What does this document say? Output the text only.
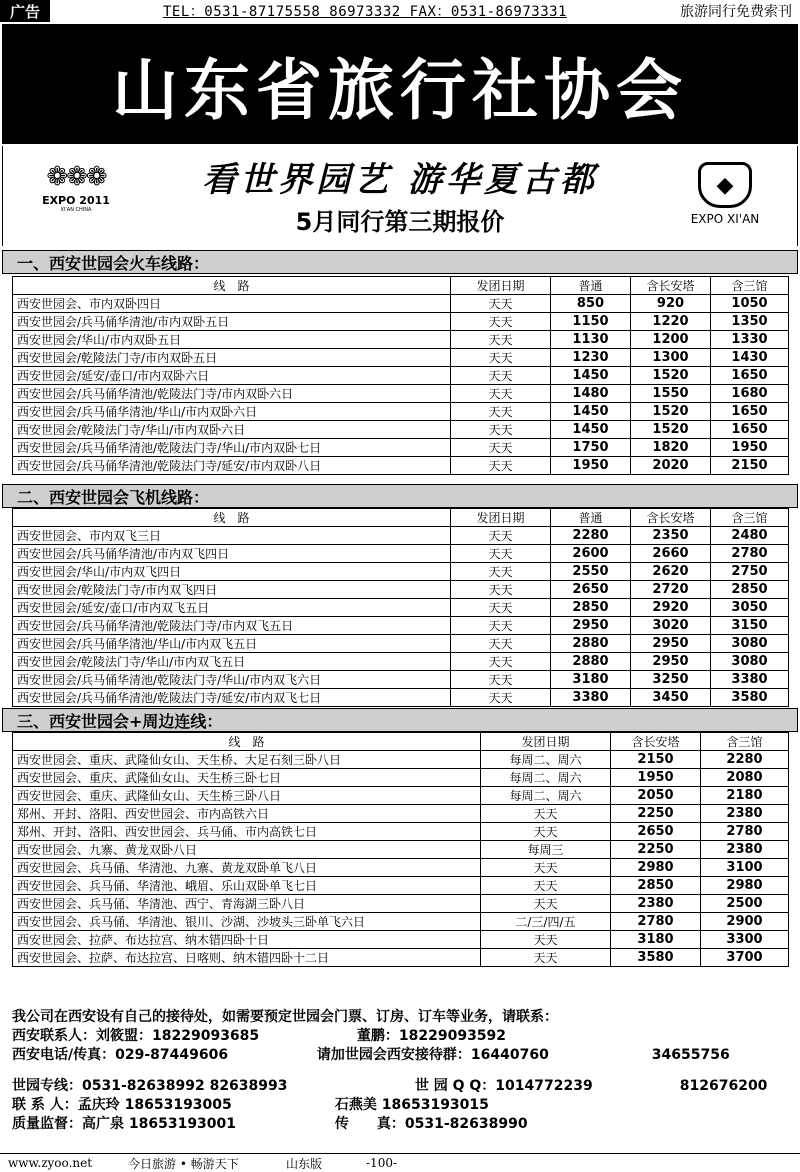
广告	TEL：0531-87175558 86973332 FAX：0531-86973331	旅游同行免费索刊
山东省旅行社协会
❁❁❁
EXPO 2011
XI'AN CHINA
看世界园艺 游华夏古都
5月同行第三期报价
◆
EXPO XI'AN
一、西安世园会火车线路：
线　路	发团日期	普通	含长安塔	含三馆
西安世园会、市内双卧四日	天天	850	920	1050
西安世园会/兵马俑华清池/市内双卧五日	天天	1150	1220	1350
西安世园会/华山/市内双卧五日	天天	1130	1200	1330
西安世园会/乾陵法门寺/市内双卧五日	天天	1230	1300	1430
西安世园会/延安/壶口/市内双卧六日	天天	1450	1520	1650
西安世园会/兵马俑华清池/乾陵法门寺/市内双卧六日	天天	1480	1550	1680
西安世园会/兵马俑华清池/华山/市内双卧六日	天天	1450	1520	1650
西安世园会/乾陵法门寺/华山/市内双卧六日	天天	1450	1520	1650
西安世园会/兵马俑华清池/乾陵法门寺/华山/市内双卧七日	天天	1750	1820	1950
西安世园会/兵马俑华清池/乾陵法门寺/延安/市内双卧八日	天天	1950	2020	2150
二、西安世园会飞机线路：
线　路	发团日期	普通	含长安塔	含三馆
西安世园会、市内双飞三日	天天	2280	2350	2480
西安世园会/兵马俑华清池/市内双飞四日	天天	2600	2660	2780
西安世园会/华山/市内双飞四日	天天	2550	2620	2750
西安世园会/乾陵法门寺/市内双飞四日	天天	2650	2720	2850
西安世园会/延安/壶口/市内双飞五日	天天	2850	2920	3050
西安世园会/兵马俑华清池/乾陵法门寺/市内双飞五日	天天	2950	3020	3150
西安世园会/兵马俑华清池/华山/市内双飞五日	天天	2880	2950	3080
西安世园会/乾陵法门寺/华山/市内双飞五日	天天	2880	2950	3080
西安世园会/兵马俑华清池/乾陵法门寺/华山/市内双飞六日	天天	3180	3250	3380
西安世园会/兵马俑华清池/乾陵法门寺/延安/市内双飞七日	天天	3380	3450	3580
三、西安世园会+周边连线：
线　路	发团日期	含长安塔	含三馆
西安世园会、重庆、武隆仙女山、天生桥、大足石刻三卧八日	每周二、周六	2150	2280
西安世园会、重庆、武隆仙女山、天生桥三卧七日	每周二、周六	1950	2080
西安世园会、重庆、武隆仙女山、天生桥三卧八日	每周二、周六	2050	2180
郑州、开封、洛阳、西安世园会、市内高铁六日	天天	2250	2380
郑州、开封、洛阳、西安世园会、兵马俑、市内高铁七日	天天	2650	2780
西安世园会、九寨、黄龙双卧八日	每周三	2250	2380
西安世园会、兵马俑、华清池、九寨、黄龙双卧单飞八日	天天	2980	3100
西安世园会、兵马俑、华清池、峨眉、乐山双卧单飞七日	天天	2850	2980
西安世园会、兵马俑、华清池、西宁、青海湖三卧八日	天天	2380	2500
西安世园会、兵马俑、华清池、银川、沙湖、沙坡头三卧单飞六日	二/三/四/五	2780	2900
西安世园会、拉萨、布达拉宫、纳木错四卧十日	天天	3180	3300
西安世园会、拉萨、布达拉宫、日喀则、纳木错四卧十二日	天天	3580	3700
我公司在西安设有自己的接待处，如需要预定世园会门票、订房、订车等业务，请联系：
西安联系人：刘筱盟：18229093685	董鹏：18229093592
西安电话/传真：029-87449606	请加世园会西安接待群：16440760	34655756
世园专线：0531-82638992 82638993	世 园 Q Q：1014772239	812676200
联 系 人：孟庆玲 18653193005	石燕美 18653193015
质量监督：高广泉 18653193001	传　　真：0531-82638990
www.zyoo.net	今日旅游 • 畅游天下	山东版	-100-
